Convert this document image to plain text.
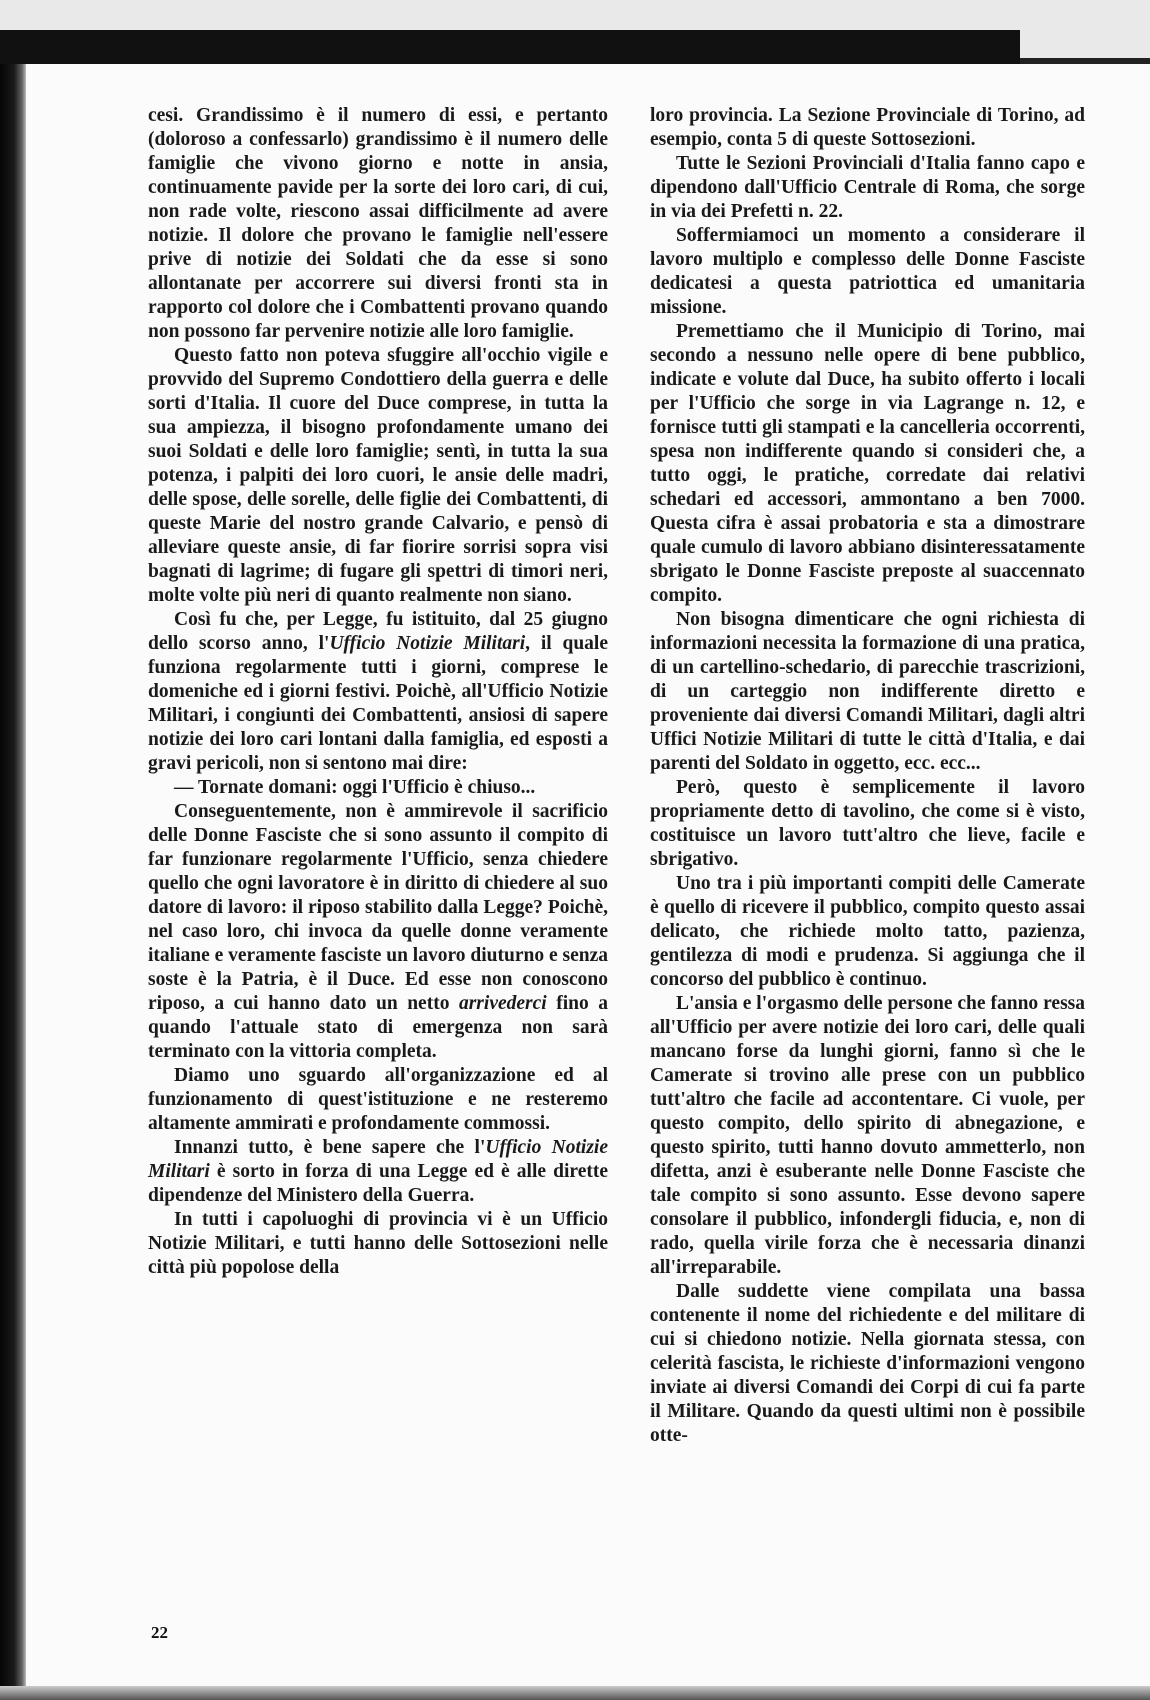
cesi. Grandissimo è il numero di essi, e pertanto (doloroso a confessarlo) grandissimo è il numero delle famiglie che vivono giorno e notte in ansia, continuamente pavide per la sorte dei loro cari, di cui, non rade volte, riescono assai difficilmente ad avere notizie. Il dolore che provano le famiglie nell'essere prive di notizie dei Soldati che da esse si sono allontanate per accorrere sui diversi fronti sta in rapporto col dolore che i Combattenti provano quando non possono far pervenire notizie alle loro famiglie.

Questo fatto non poteva sfuggire all'occhio vigile e provvido del Supremo Condottiero della guerra e delle sorti d'Italia. Il cuore del Duce comprese, in tutta la sua ampiezza, il bisogno profondamente umano dei suoi Soldati e delle loro famiglie; sentì, in tutta la sua potenza, i palpiti dei loro cuori, le ansie delle madri, delle spose, delle sorelle, delle figlie dei Combattenti, di queste Marie del nostro grande Calvario, e pensò di alleviare queste ansie, di far fiorire sorrisi sopra visi bagnati di lagrime; di fugare gli spettri di timori neri, molte volte più neri di quanto realmente non siano.

Così fu che, per Legge, fu istituito, dal 25 giugno dello scorso anno, l'Ufficio Notizie Militari, il quale funziona regolarmente tutti i giorni, comprese le domeniche ed i giorni festivi. Poichè, all'Ufficio Notizie Militari, i congiunti dei Combattenti, ansiosi di sapere notizie dei loro cari lontani dalla famiglia, ed esposti a gravi pericoli, non si sentono mai dire:

— Tornate domani: oggi l'Ufficio è chiuso...

Conseguentemente, non è ammirevole il sacrificio delle Donne Fasciste che si sono assunto il compito di far funzionare regolarmente l'Ufficio, senza chiedere quello che ogni lavoratore è in diritto di chiedere al suo datore di lavoro: il riposo stabilito dalla Legge? Poichè, nel caso loro, chi invoca da quelle donne veramente italiane e veramente fasciste un lavoro diuturno e senza soste è la Patria, è il Duce. Ed esse non conoscono riposo, a cui hanno dato un netto arrivederci fino a quando l'attuale stato di emergenza non sarà terminato con la vittoria completa.

Diamo uno sguardo all'organizzazione ed al funzionamento di quest'istituzione e ne resteremo altamente ammirati e profondamente commossi.

Innanzi tutto, è bene sapere che l'Ufficio Notizie Militari è sorto in forza di una Legge ed è alle dirette dipendenze del Ministero della Guerra.

In tutti i capoluoghi di provincia vi è un Ufficio Notizie Militari, e tutti hanno delle Sottosezioni nelle città più popolose della

loro provincia. La Sezione Provinciale di Torino, ad esempio, conta 5 di queste Sottosezioni.

Tutte le Sezioni Provinciali d'Italia fanno capo e dipendono dall'Ufficio Centrale di Roma, che sorge in via dei Prefetti n. 22.

Soffermiamoci un momento a considerare il lavoro multiplo e complesso delle Donne Fasciste dedicatesi a questa patriottica ed umanitaria missione.

Premettiamo che il Municipio di Torino, mai secondo a nessuno nelle opere di bene pubblico, indicate e volute dal Duce, ha subito offerto i locali per l'Ufficio che sorge in via Lagrange n. 12, e fornisce tutti gli stampati e la cancelleria occorrenti, spesa non indifferente quando si consideri che, a tutto oggi, le pratiche, corredate dai relativi schedari ed accessori, ammontano a ben 7000. Questa cifra è assai probatoria e sta a dimostrare quale cumulo di lavoro abbiano disinteressatamente sbrigato le Donne Fasciste preposte al suaccennato compito.

Non bisogna dimenticare che ogni richiesta di informazioni necessita la formazione di una pratica, di un cartellino-schedario, di parecchie trascrizioni, di un carteggio non indifferente diretto e proveniente dai diversi Comandi Militari, dagli altri Uffici Notizie Militari di tutte le città d'Italia, e dai parenti del Soldato in oggetto, ecc. ecc...

Però, questo è semplicemente il lavoro propriamente detto di tavolino, che come si è visto, costituisce un lavoro tutt'altro che lieve, facile e sbrigativo.

Uno tra i più importanti compiti delle Camerate è quello di ricevere il pubblico, compito questo assai delicato, che richiede molto tatto, pazienza, gentilezza di modi e prudenza. Si aggiunga che il concorso del pubblico è continuo.

L'ansia e l'orgasmo delle persone che fanno ressa all'Ufficio per avere notizie dei loro cari, delle quali mancano forse da lunghi giorni, fanno sì che le Camerate si trovino alle prese con un pubblico tutt'altro che facile ad accontentare. Ci vuole, per questo compito, dello spirito di abnegazione, e questo spirito, tutti hanno dovuto ammetterlo, non difetta, anzi è esuberante nelle Donne Fasciste che tale compito si sono assunto. Esse devono sapere consolare il pubblico, infondergli fiducia, e, non di rado, quella virile forza che è necessaria dinanzi all'irreparabile.

Dalle suddette viene compilata una bassa contenente il nome del richiedente e del militare di cui si chiedono notizie. Nella giornata stessa, con celerità fascista, le richieste d'informazioni vengono inviate ai diversi Comandi dei Corpi di cui fa parte il Militare. Quando da questi ultimi non è possibile otte-

22
